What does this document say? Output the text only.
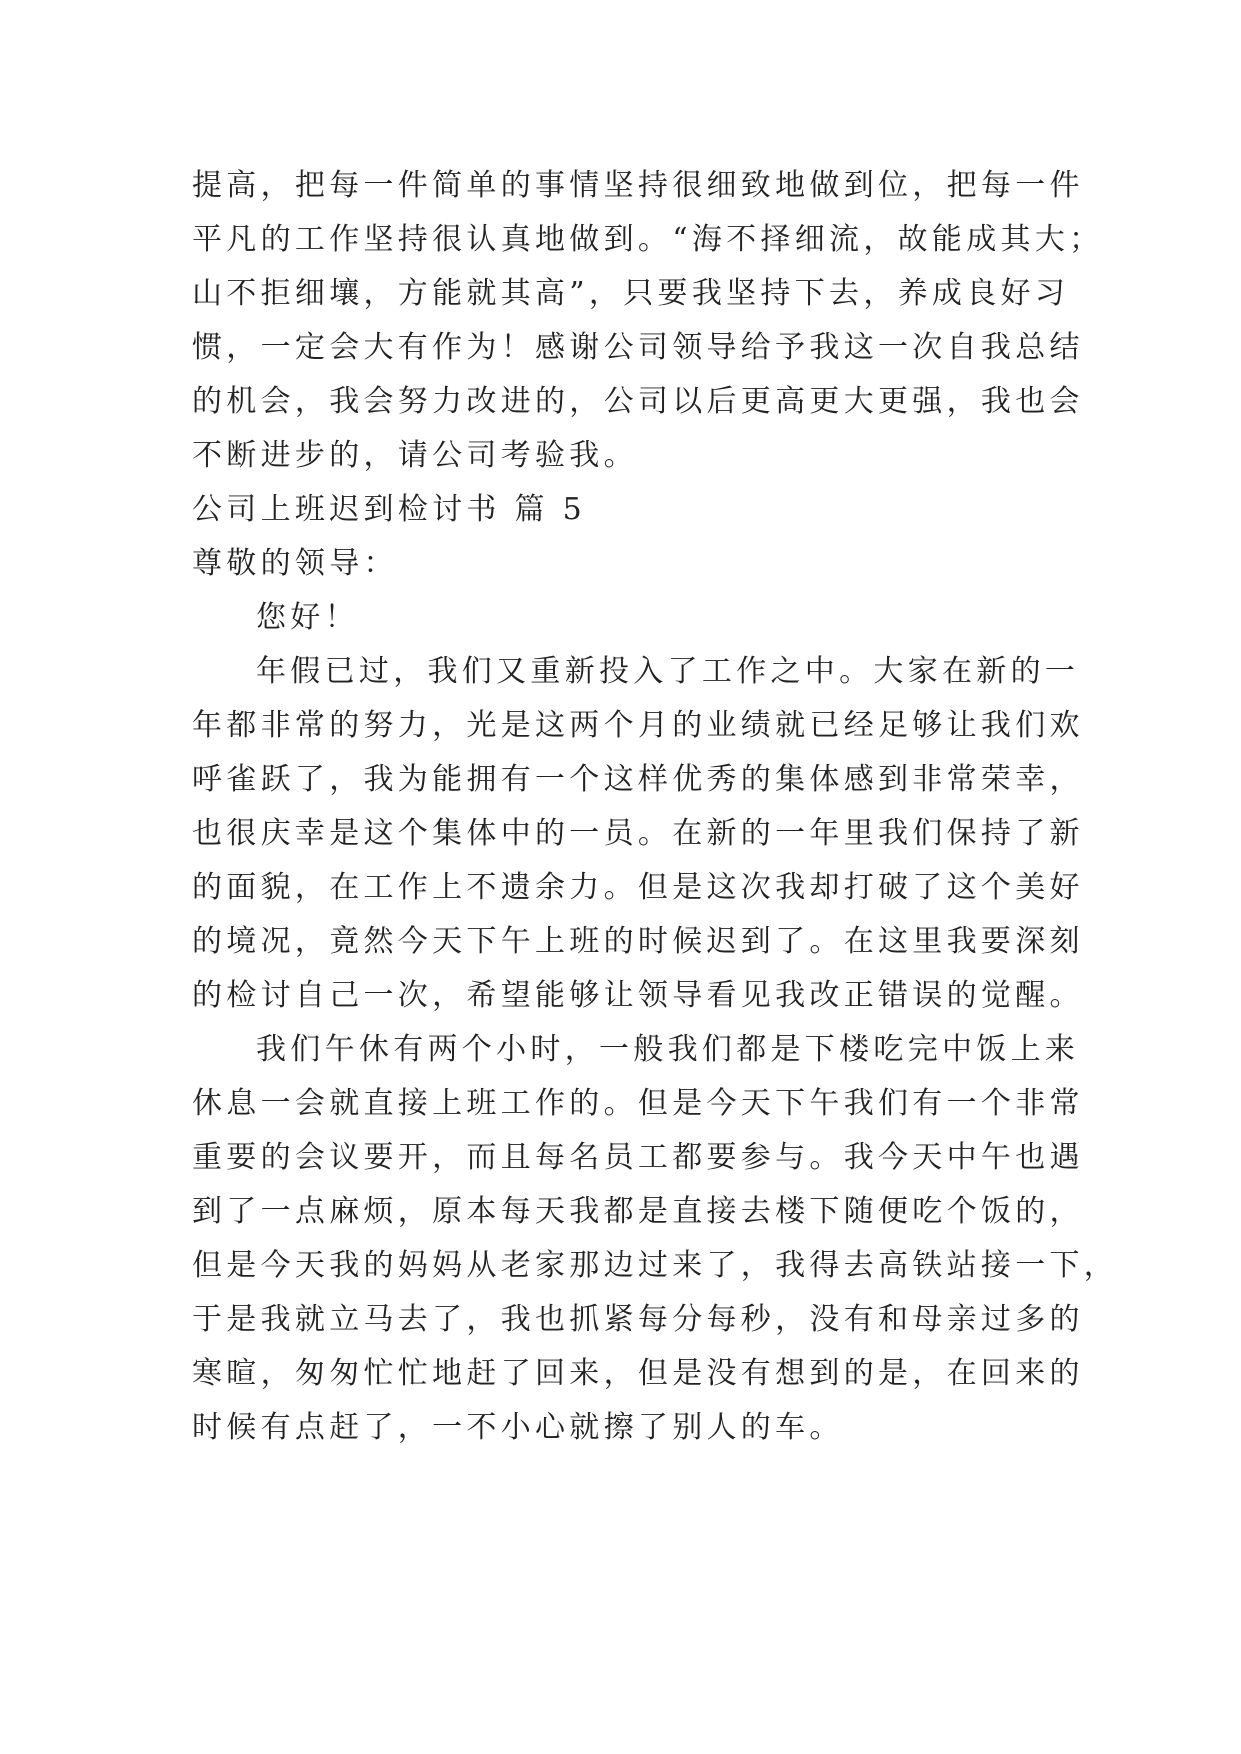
提高，把每一件简单的事情坚持很细致地做到位，把每一件
平凡的工作坚持很认真地做到。“海不择细流，故能成其大；
山不拒细壤，方能就其高”，只要我坚持下去，养成良好习
惯，一定会大有作为！感谢公司领导给予我这一次自我总结
的机会，我会努力改进的，公司以后更高更大更强，我也会
不断进步的，请公司考验我。
公司上班迟到检讨书 篇 5
尊敬的领导：
您好！
年假已过，我们又重新投入了工作之中。大家在新的一
年都非常的努力，光是这两个月的业绩就已经足够让我们欢
呼雀跃了，我为能拥有一个这样优秀的集体感到非常荣幸，
也很庆幸是这个集体中的一员。在新的一年里我们保持了新
的面貌，在工作上不遗余力。但是这次我却打破了这个美好
的境况，竟然今天下午上班的时候迟到了。在这里我要深刻
的检讨自己一次，希望能够让领导看见我改正错误的觉醒。
我们午休有两个小时，一般我们都是下楼吃完中饭上来
休息一会就直接上班工作的。但是今天下午我们有一个非常
重要的会议要开，而且每名员工都要参与。我今天中午也遇
到了一点麻烦，原本每天我都是直接去楼下随便吃个饭的，
但是今天我的妈妈从老家那边过来了，我得去高铁站接一下，
于是我就立马去了，我也抓紧每分每秒，没有和母亲过多的
寒暄，匆匆忙忙地赶了回来，但是没有想到的是，在回来的
时候有点赶了，一不小心就擦了别人的车。
